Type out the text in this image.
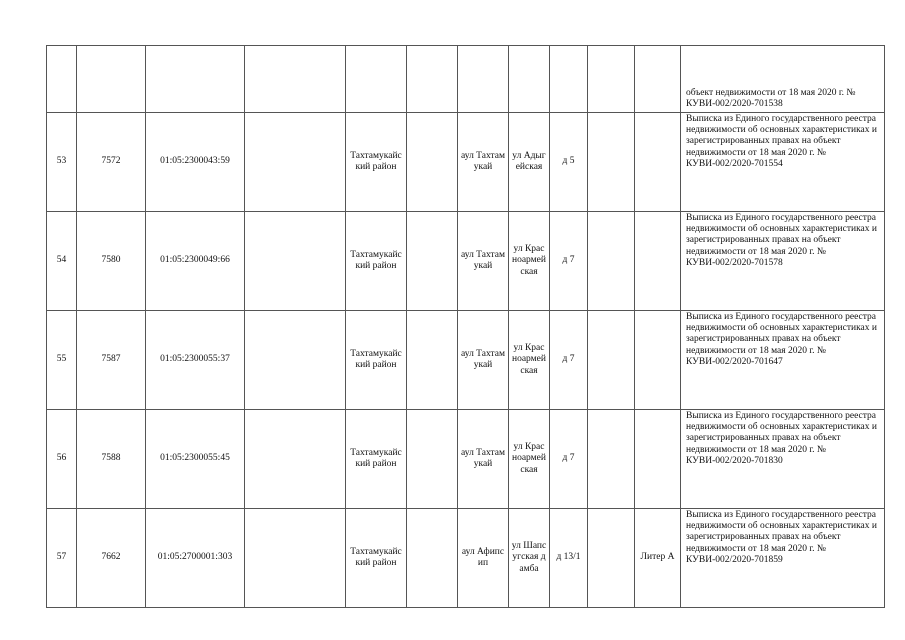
											объект недвижимости от 18 мая 2020 г. № КУВИ-002/2020-701538
53	7572	01:05:2300043:59		Тахтамукайский район		аул Тахтамукай	ул Адыгейская	д 5			Выписка из Единого государственного реестра недвижимости об основных характеристиках и зарегистрированных правах на объект недвижимости от 18 мая 2020 г. № КУВИ-002/2020-701554
54	7580	01:05:2300049:66		Тахтамукайский район		аул Тахтамукай	ул Красноармейская	д 7			Выписка из Единого государственного реестра недвижимости об основных характеристиках и зарегистрированных правах на объект недвижимости от 18 мая 2020 г. № КУВИ-002/2020-701578
55	7587	01:05:2300055:37		Тахтамукайский район		аул Тахтамукай	ул Красноармейская	д 7			Выписка из Единого государственного реестра недвижимости об основных характеристиках и зарегистрированных правах на объект недвижимости от 18 мая 2020 г. № КУВИ-002/2020-701647
56	7588	01:05:2300055:45		Тахтамукайский район		аул Тахтамукай	ул Красноармейская	д 7			Выписка из Единого государственного реестра недвижимости об основных характеристиках и зарегистрированных правах на объект недвижимости от 18 мая 2020 г. № КУВИ-002/2020-701830
57	7662	01:05:2700001:303		Тахтамукайский район		аул Афипсип	ул Шапсугская дамба	д 13/1		Литер А	Выписка из Единого государственного реестра недвижимости об основных характеристиках и зарегистрированных правах на объект недвижимости от 18 мая 2020 г. № КУВИ-002/2020-701859
